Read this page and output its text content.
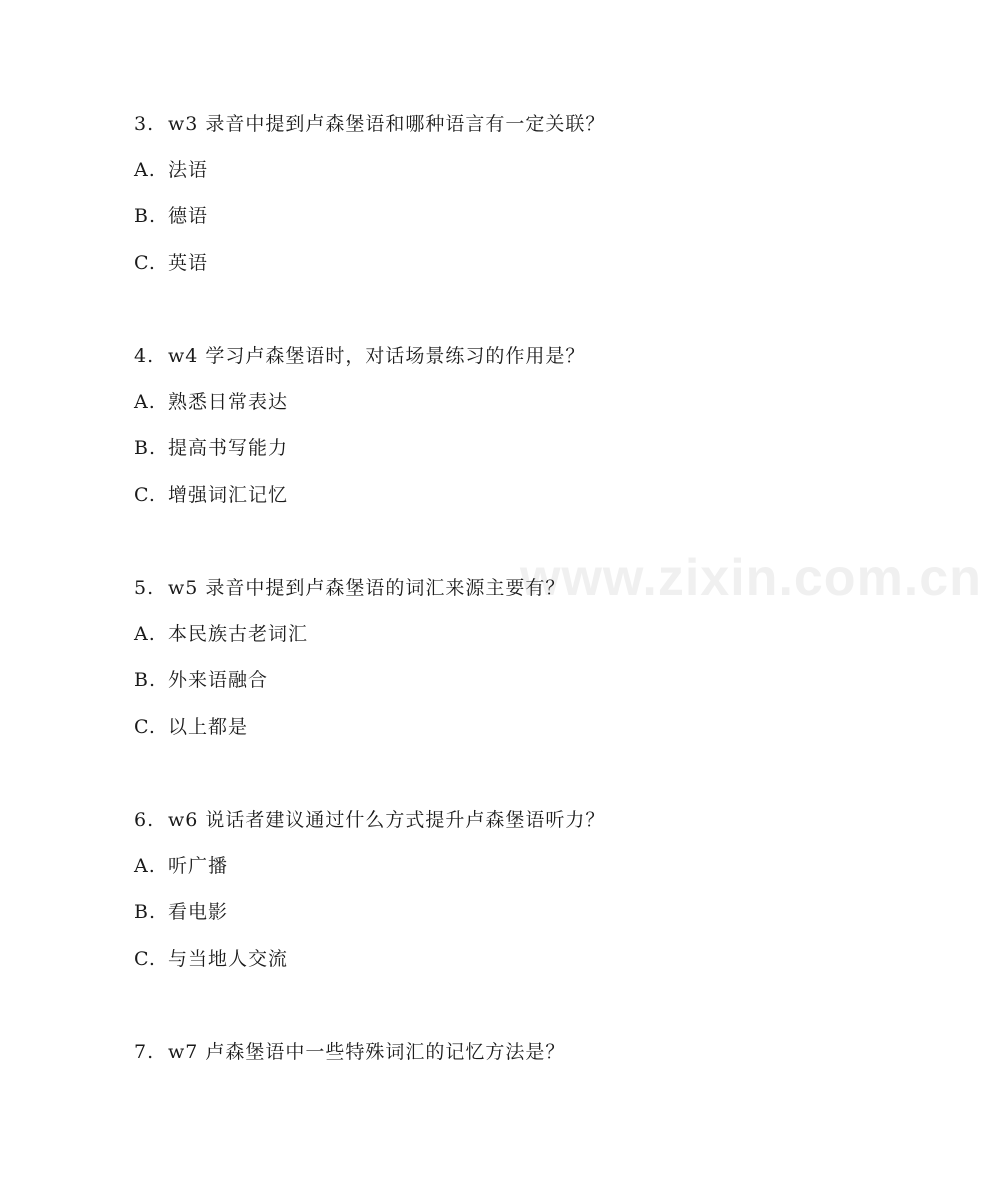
www.zixin.com.cn
3. w3 录音中提到卢森堡语和哪种语言有一定关联？
A. 法语
B. 德语
C. 英语
4. w4 学习卢森堡语时，对话场景练习的作用是？
A. 熟悉日常表达
B. 提高书写能力
C. 增强词汇记忆
5. w5 录音中提到卢森堡语的词汇来源主要有？
A. 本民族古老词汇
B. 外来语融合
C. 以上都是
6. w6 说话者建议通过什么方式提升卢森堡语听力？
A. 听广播
B. 看电影
C. 与当地人交流
7. w7 卢森堡语中一些特殊词汇的记忆方法是？
